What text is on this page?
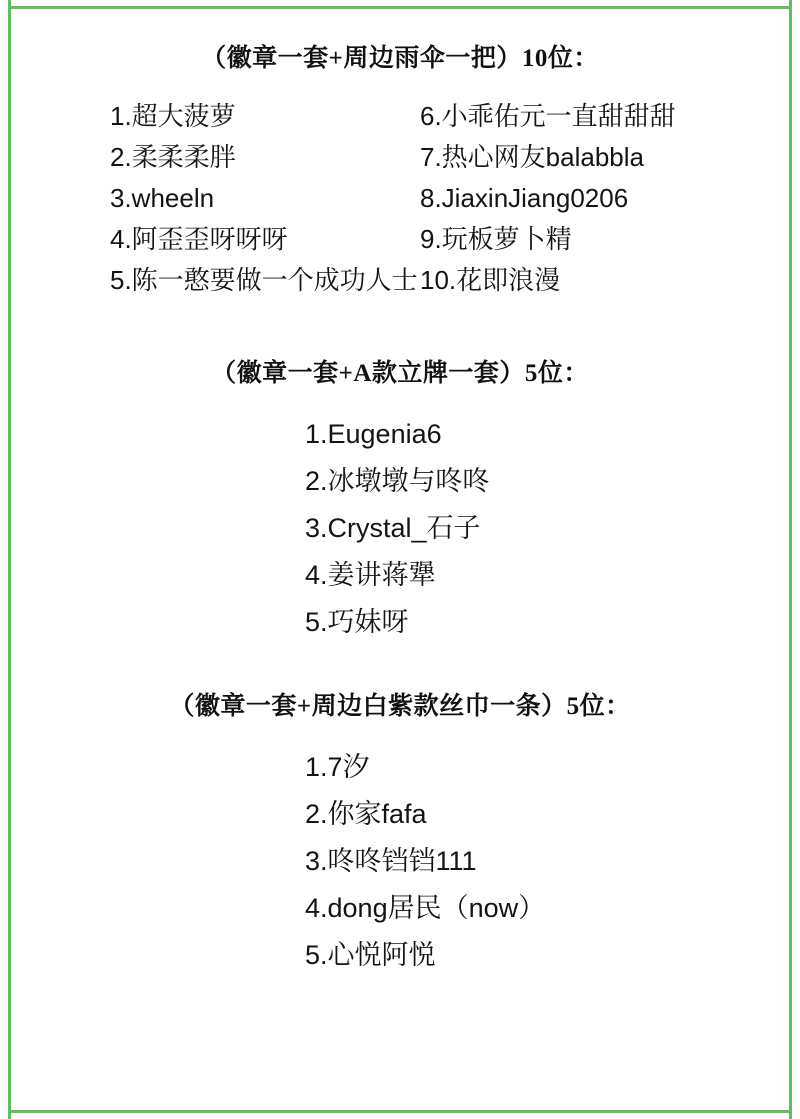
（徽章一套+周边雨伞一把）10位：
1.超大菠萝
2.柔柔柔胖
3.wheeln
4.阿歪歪呀呀呀
5.陈一憨要做一个成功人士
6.小乖佑元一直甜甜甜
7.热心网友balabbla
8.JiaxinJiang0206
9.玩板萝卜精
10.花即浪漫
（徽章一套+A款立牌一套）5位：
1.Eugenia6
2.冰墩墩与咚咚
3.Crystal_石子
4.姜讲蒋犟
5.巧妹呀
（徽章一套+周边白紫款丝巾一条）5位：
1.7汐
2.你家fafa
3.咚咚铛铛111
4.dong居民（now）
5.心悦阿悦
